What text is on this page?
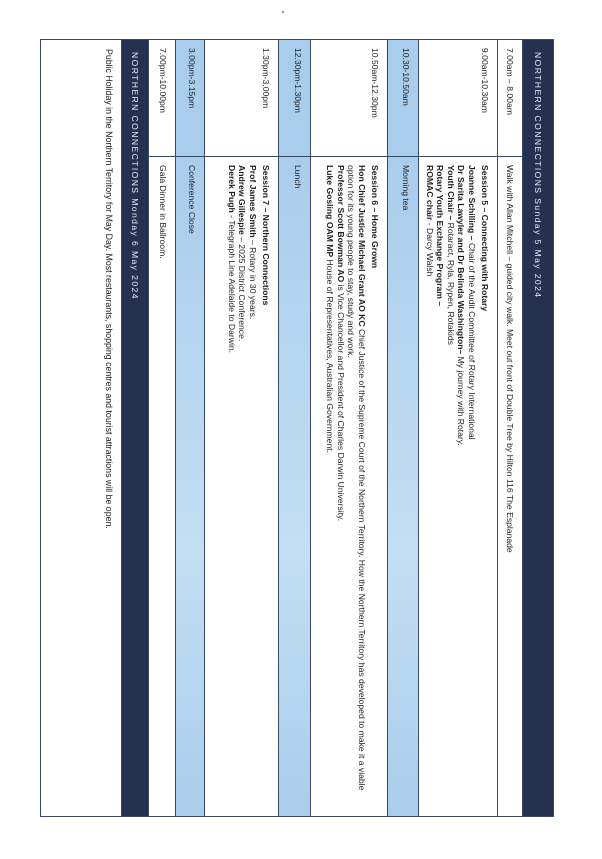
NORTHERN CONNECTIONS Sunday 5 May 2024
7.00am – 8.00am
Walk with Allan Mitchell – guided city walk. Meet out front of Double Tree by Hilton 116 The Esplanade
9.00am-10.30am
Session 5 – Connecting with Rotary
Joanne Schilling – Chair of the Audit Committee of Rotary International
Dr Sarita Lawyler and Dr Belinda Washington– My journey with Rotary.
Youth Chair – Rotaract, Ryla, Rypen, Rotakids
Rotary Youth Exchange Program –
ROMAC chair - Darcy Walsh
10.30-10.50am
Morning tea
10.50am-12.30pm
Session 6 – Home Grown
Hon Chief Justice Michael Grant AO KC Chief Justice of the Supreme Court of the Northern Territory. How the Northern Territory has developed to make it a viable option for its young people to stay, study and work.
Professor Scott Bowman AO is Vice Chancellor and President of Charles Darwin University.
Luke Gosling OAM MP House of Representatives, Australian Government.
12.30pm-1.30pm
Lunch
1.30pm-3.00pm
Session 7 – Northern Connections
Prof James Smith – Rotary in 30 years.
Andrew Gillespie – 2025 District Conference.
Derek Pugh - Telegraph Line Adelaide to Darwin.
3.00pm-3.15pm
Conference Close
7.00pm-10.00pm
Gala Dinner in Ballroom.
NORTHERN CONNECTIONS Monday 6 May 2024
Public Holiday in the Northern Territory for May Day. Most restaurants, shopping centres and tourist attractions will be open.
